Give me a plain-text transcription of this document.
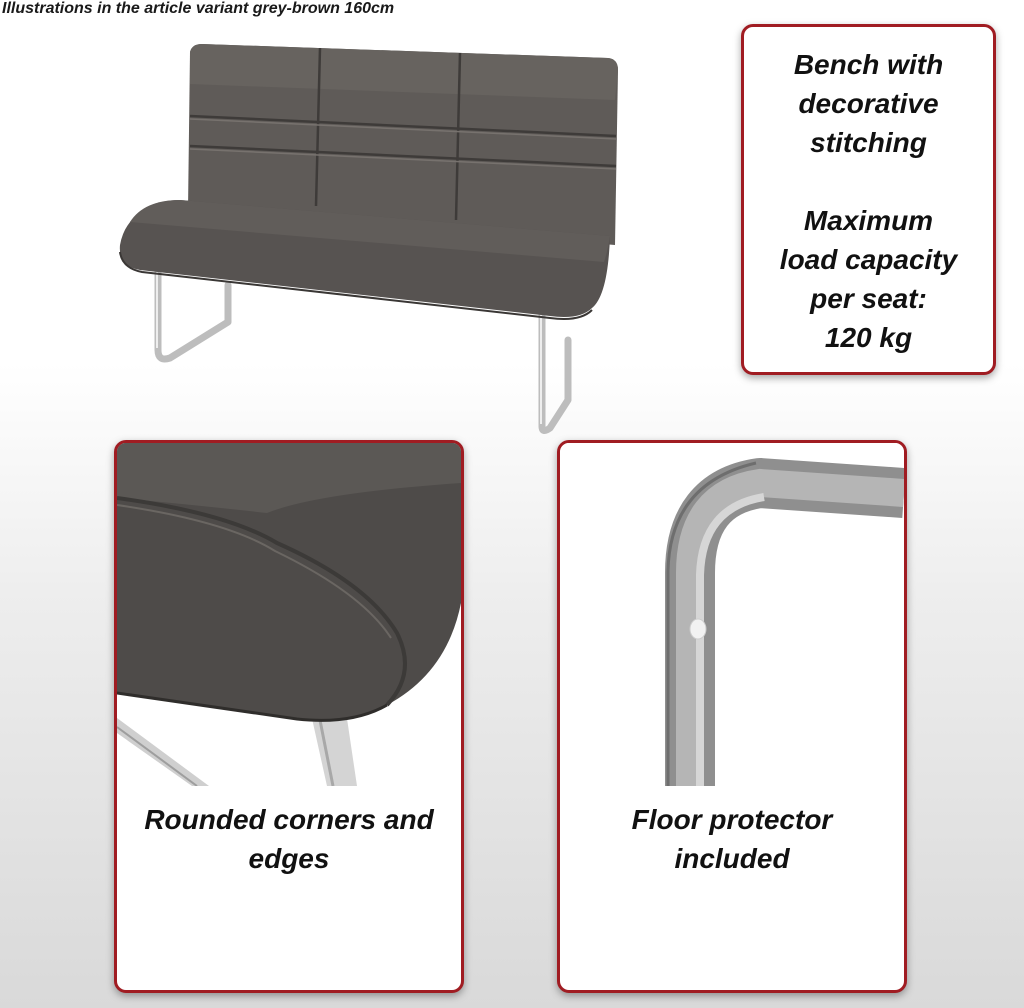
Illustrations in the article variant grey-brown 160cm

Bench with

decorative

stitching

Maximum

load capacity

per seat:

120 kg

Rounded corners and
edges
Floor protector
included
